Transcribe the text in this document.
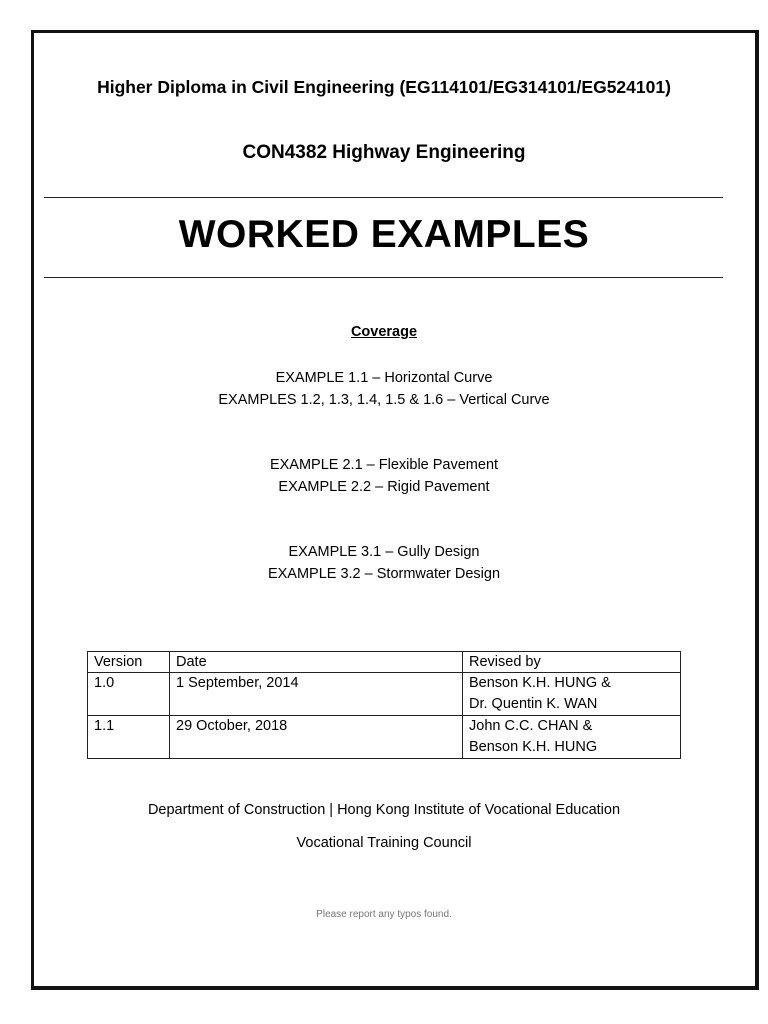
Higher Diploma in Civil Engineering (EG114101/EG314101/EG524101)
CON4382 Highway Engineering
WORKED EXAMPLES
Coverage
EXAMPLE 1.1 – Horizontal Curve
EXAMPLES 1.2, 1.3, 1.4, 1.5 & 1.6 – Vertical Curve
EXAMPLE 2.1 – Flexible Pavement
EXAMPLE 2.2 – Rigid Pavement
EXAMPLE 3.1 – Gully Design
EXAMPLE 3.2 – Stormwater Design
Version	Date	Revised by
1.0	1 September, 2014	Benson K.H. HUNG &
Dr. Quentin K. WAN

1.1	29 October, 2018	John C.C. CHAN &
Benson K.H. HUNG
Department of Construction | Hong Kong Institute of Vocational Education
Vocational Training Council
Please report any typos found.
